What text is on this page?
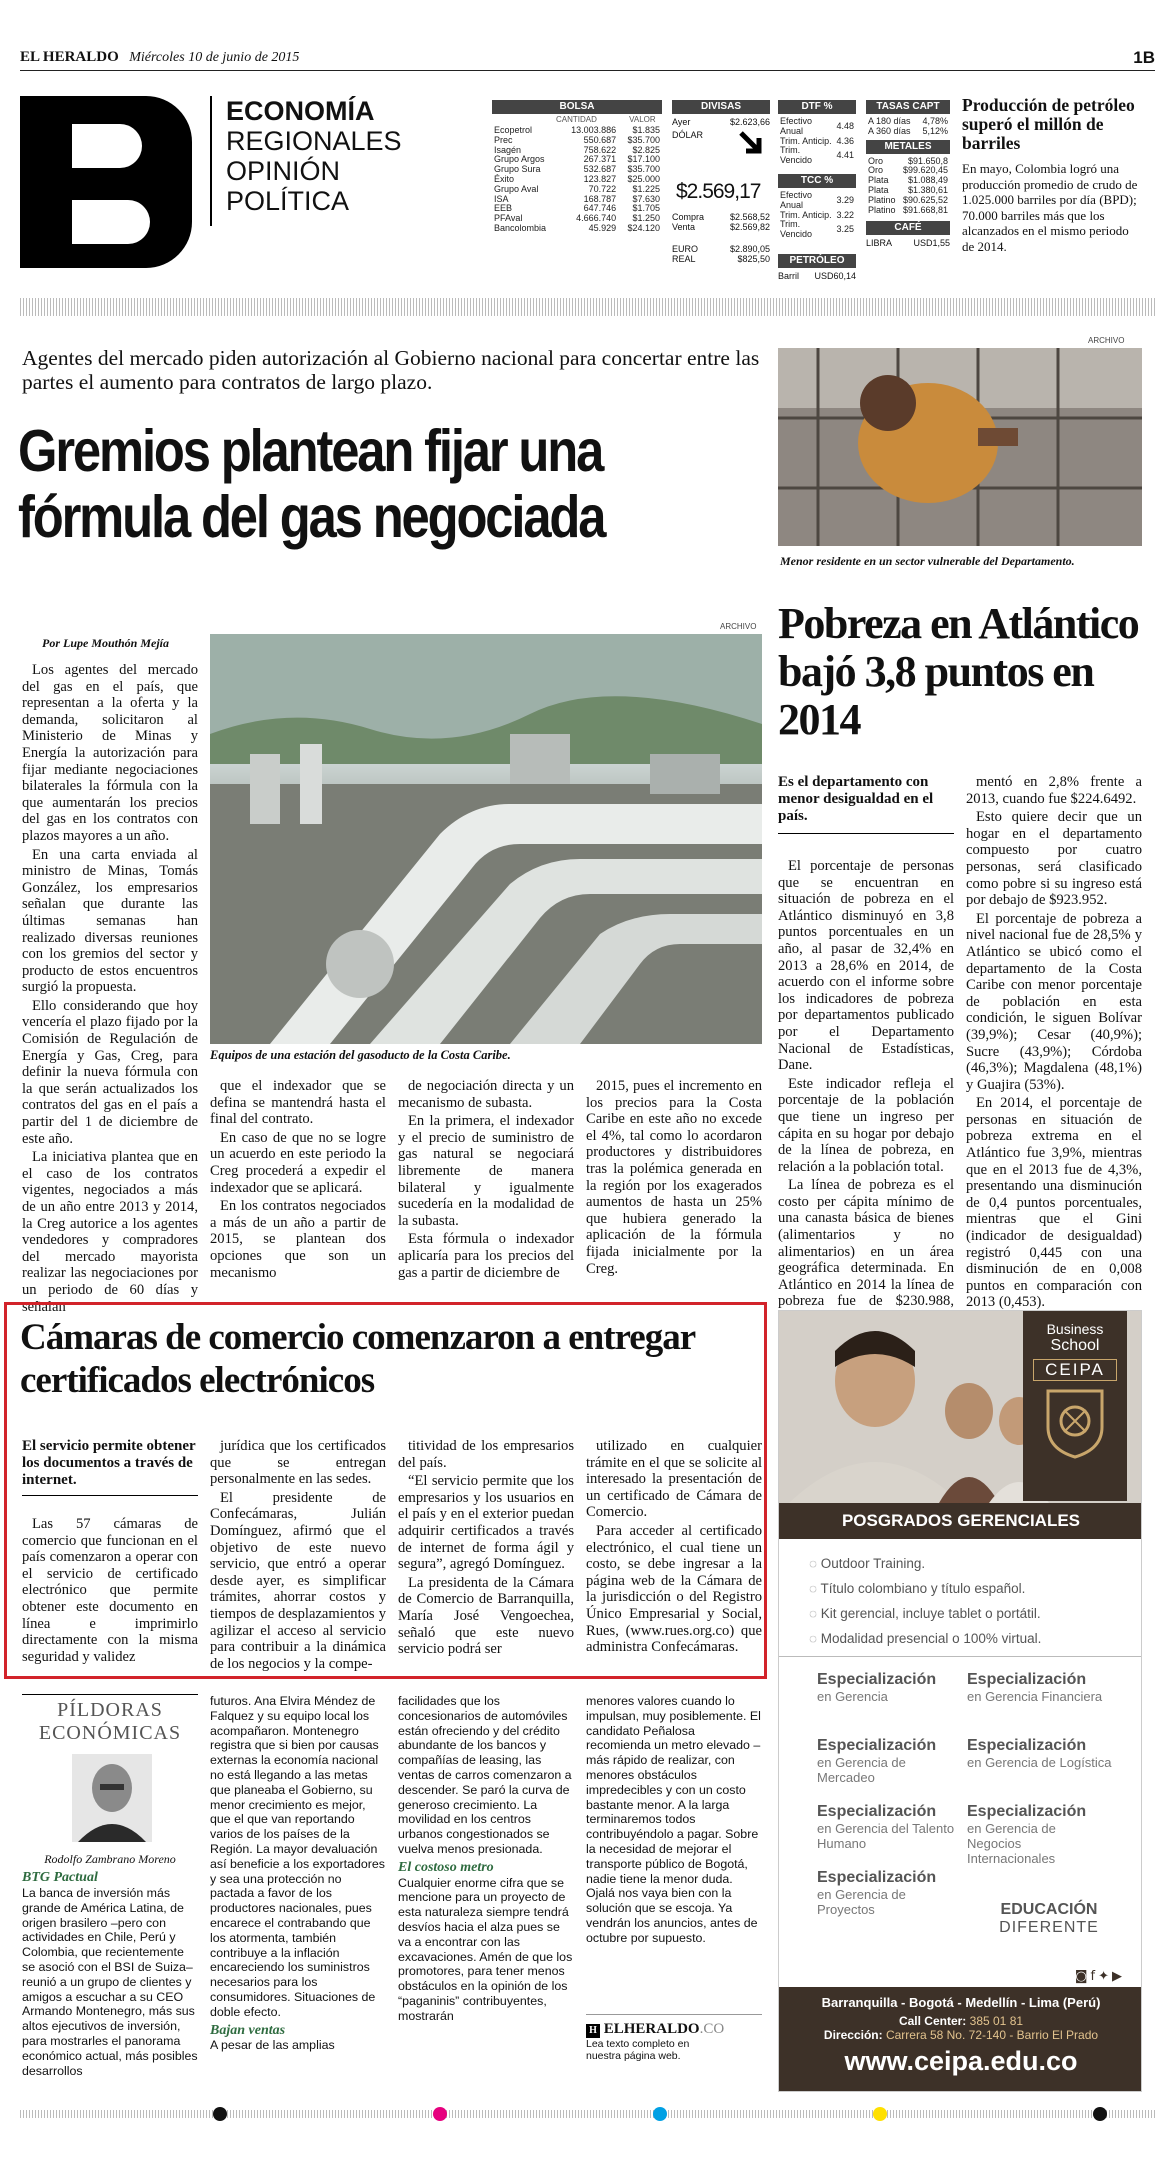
EL HERALDO Miércoles 10 de junio de 2015	1B
ECONOMÍA
REGIONALES
OPINIÓN
POLÍTICA
BOLSA
CANTIDAD	VALOR
Ecopetrol	13.003.886	$1.835
Prec	550.687	$35.700
Isagén	758.622	$2.825
Grupo Argos	267.371	$17.100
Grupo Sura	532.687	$35.700
Éxito	123.827	$25.000
Grupo Aval	70.722	$1.225
ISA	168.787	$7.630
EEB	647.746	$1.705
PFAval	4.666.740	$1.250
Bancolombia	45.929	$24.120
DIVISAS
Ayer	$2.623,66
DÓLAR
$2.569,17
Compra	$2.568,52
Venta	$2.569,82
EURO	$2.890,05
REAL	$825,50
DTF %
Efectivo Anual	4.48
Trim. Anticip.	4.36
Trim. Vencido	4.41
TCC %
Efectivo Anual	3.29
Trim. Anticip.	3.22
Trim. Vencido	3.25
PETRÓLEO
Barril USD60,14
TASAS CAPT
A 180 días	4,78%
A 360 días	5,12%
METALES
Oro	$91.650,8
Oro	$99.620,45
Plata	$1.088,49
Plata	$1.380,61
Platino	$90.625,52
Platino	$91.668,81
CAFÉ
LIBRA USD1,55
Producción de petróleo superó el millón de barriles
En mayo, Colombia logró una producción promedio de crudo de 1.025.000 barriles por día (BPD); 70.000 barriles más que los alcanzados en el mismo periodo de 2014.
Agentes del mercado piden autorización al Gobierno nacional para concertar entre las partes el aumento para contratos de largo plazo.
Gremios plantean fijar una fórmula del gas negociada
Por Lupe Mouthón Mejía
ARCHIVO
Equipos de una estación del gasoducto de la Costa Caribe.

Los agentes del mercado del gas en el país, que representan a la oferta y la demanda, solicitaron al Ministerio de Minas y Energía la autorización para fijar mediante negociaciones bilaterales la fórmula con la que aumentarán los precios del gas en los contratos con plazos mayores a un año.

En una carta enviada al ministro de Minas, Tomás González, los empresarios señalan que durante las últimas semanas han realizado diversas reuniones con los gremios del sector y producto de estos encuentros surgió la propuesta.

Ello considerando que hoy vencería el plazo fijado por la Comisión de Regulación de Energía y Gas, Creg, para definir la nueva fórmula con la que serán actualizados los contratos del gas en el país a partir del 1 de diciembre de este año.

La iniciativa plantea que en el caso de los contratos vigentes, negociados a más de un año entre 2013 y 2014, la Creg autorice a los agentes vendedores y compradores del mercado mayorista realizar las negociaciones por un periodo de 60 días y señalan

que el indexador que se defina se mantendrá hasta el final del contrato.

En caso de que no se logre un acuerdo en este periodo la Creg procederá a expedir el indexador que se aplicará.

En los contratos negociados a más de un año a partir de 2015, se plantean dos opciones que son un mecanismo

de negociación directa y un mecanismo de subasta.

En la primera, el indexador y el precio de suministro de gas natural se negociará libremente de manera bilateral y igualmente sucedería en la modalidad de la subasta.

Esta fórmula o indexador aplicaría para los precios del gas a partir de diciembre de

2015, pues el incremento en los precios para la Costa Caribe en este año no excede el 4%, tal como lo acordaron productores y distribuidores tras la polémica generada en la región por los exagerados aumentos de hasta un 25% que hubiera generado la aplicación de la fórmula fijada inicialmente por la Creg.

ARCHIVO
Menor residente en un sector vulnerable del Departamento.
Pobreza en Atlántico bajó 3,8 puntos en 2014
Es el departamento con menor desigualdad en el país.

El porcentaje de personas que se encuentran en situación de pobreza en el Atlántico disminuyó en 3,8 puntos porcentuales en un año, al pasar de 32,4% en 2013 a 28,6% en 2014, de acuerdo con el informe sobre los indicadores de pobreza por departamentos publicado por el Departamento Nacional de Estadísticas, Dane.

Este indicador refleja el porcentaje de la población que tiene un ingreso per cápita en su hogar por debajo de la línea de pobreza, en relación a la población total.

La línea de pobreza es el costo per cápita mínimo de una canasta básica de bienes (alimentarios y no alimentarios) en un área geográfica determinada. En Atlántico en 2014 la línea de pobreza fue de $230.988,

mentó en 2,8% frente a 2013, cuando fue $224.6492.

Esto quiere decir que un hogar en el departamento compuesto por cuatro personas, será clasificado como pobre si su ingreso está por debajo de $923.952.

El porcentaje de pobreza a nivel nacional fue de 28,5% y Atlántico se ubicó como el departamento de la Costa Caribe con menor porcentaje de población en esta condición, le siguen Bolívar (39,9%); Cesar (40,9%); Sucre (43,9%); Córdoba (46,3%); Magdalena (48,1%) y Guajira (53%).

En 2014, el porcentaje de personas en situación de pobreza extrema en el Atlántico fue 3,9%, mientras que en el 2013 fue de 4,3%, presentando una disminución de 0,4 puntos porcentuales, mientras que el Gini (indicador de desigualdad) registró 0,445 con una disminución de en 0,008 puntos en comparación con 2013 (0,453).

Cámaras de comercio comenzaron a entregar certificados electrónicos
El servicio permite obtener los documentos a través de internet.

Las 57 cámaras de comercio que funcionan en el país comenzaron a operar con el servicio de certificado electrónico que permite obtener este documento en línea e imprimirlo directamente con la misma seguridad y validez

jurídica que los certificados que se entregan personalmente en las sedes.

El presidente de Confecámaras, Julián Domínguez, afirmó que el objetivo de este nuevo servicio, que entró a operar desde ayer, es simplificar trámites, ahorrar costos y tiempos de desplazamientos y agilizar el acceso al servicio para contribuir a la dinámica de los negocios y la compe-

titividad de los empresarios del país.

“El servicio permite que los empresarios y los usuarios en el país y en el exterior puedan adquirir certificados a través de internet de forma ágil y segura”, agregó Domínguez.

La presidenta de la Cámara de Comercio de Barranquilla, María José Vengoechea, señaló que este nuevo servicio podrá ser

utilizado en cualquier trámite en el que se solicite al interesado la presentación de un certificado de Cámara de Comercio.

Para acceder al certificado electrónico, el cual tiene un costo, se debe ingresar a la página web de la Cámara de la jurisdicción o del Registro Único Empresarial y Social, Rues, (www.rues.org.co) que administra Confecámaras.

PÍLDORAS
ECONÓMICAS
Rodolfo Zambrano Moreno
BTG Pactual
La banca de inversión más grande de América Latina, de origen brasilero –pero con actividades en Chile, Perú y Colombia, que recientemente se asoció con el BSI de Suiza– reunió a un grupo de clientes y amigos a escuchar a su CEO Armando Montenegro, más sus altos ejecutivos de inversión, para mostrarles el panorama económico actual, más posibles desarrollos
futuros. Ana Elvira Méndez de Falquez y su equipo local los acompañaron. Montenegro registra que si bien por causas externas la economía nacional no está llegando a las metas que planeaba el Gobierno, su menor crecimiento es mejor, que el que van reportando varios de los países de la Región. La mayor devaluación así beneficie a los exportadores y sea una protección no pactada a favor de los productores nacionales, pues encarece el contrabando que los atormenta, también contribuye a la inflación encareciendo los suministros necesarios para los consumidores. Situaciones de doble efecto.
Bajan ventas
A pesar de las amplias
facilidades que los concesionarios de automóviles están ofreciendo y del crédito abundante de los bancos y compañías de leasing, las ventas de carros comenzaron a descender. Se paró la curva de generoso crecimiento. La movilidad en los centros urbanos congestionados se vuelva menos presionada.
El costoso metro
Cualquier enorme cifra que se mencione para un proyecto de esta naturaleza siempre tendrá desvíos hacia el alza pues se va a encontrar con las excavaciones. Amén de que los promotores, para tener menos obstáculos en la opinión de los “paganinis” contribuyentes, mostrarán
menores valores cuando lo impulsan, muy posiblemente. El candidato Peñalosa recomienda un metro elevado – más rápido de realizar, con menores obstáculos impredecibles y con un costo bastante menor. A la larga terminaremos todos contribuyéndolo a pagar. Sobre la necesidad de mejorar el transporte público de Bogotá, nadie tiene la menor duda. Ojalá nos vaya bien con la solución que se escoja. Ya vendrán los anuncios, antes de octubre por supuesto.
H ELHERALDO.CO
Lea texto completo en nuestra página web.
Business
School
CEIPA
POSGRADOS GERENCIALES
◌ Outdoor Training.
◌ Título colombiano y título español.
◌ Kit gerencial, incluye tablet o portátil.
◌ Modalidad presencial o 100% virtual.
Especialización
en Gerencia
Especialización
en Gerencia Financiera
Especialización
en Gerencia de Mercadeo
Especialización
en Gerencia de Logística
Especialización
en Gerencia del Talento Humano
Especialización
en Gerencia de Negocios Internacionales
Especialización
en Gerencia de Proyectos	EDUCACIÓN
DIFERENTE
◙f✦▶
Barranquilla - Bogotá - Medellín - Lima (Perú)
Call Center: 385 01 81
Dirección: Carrera 58 No. 72-140 - Barrio El Prado
www.ceipa.edu.co
